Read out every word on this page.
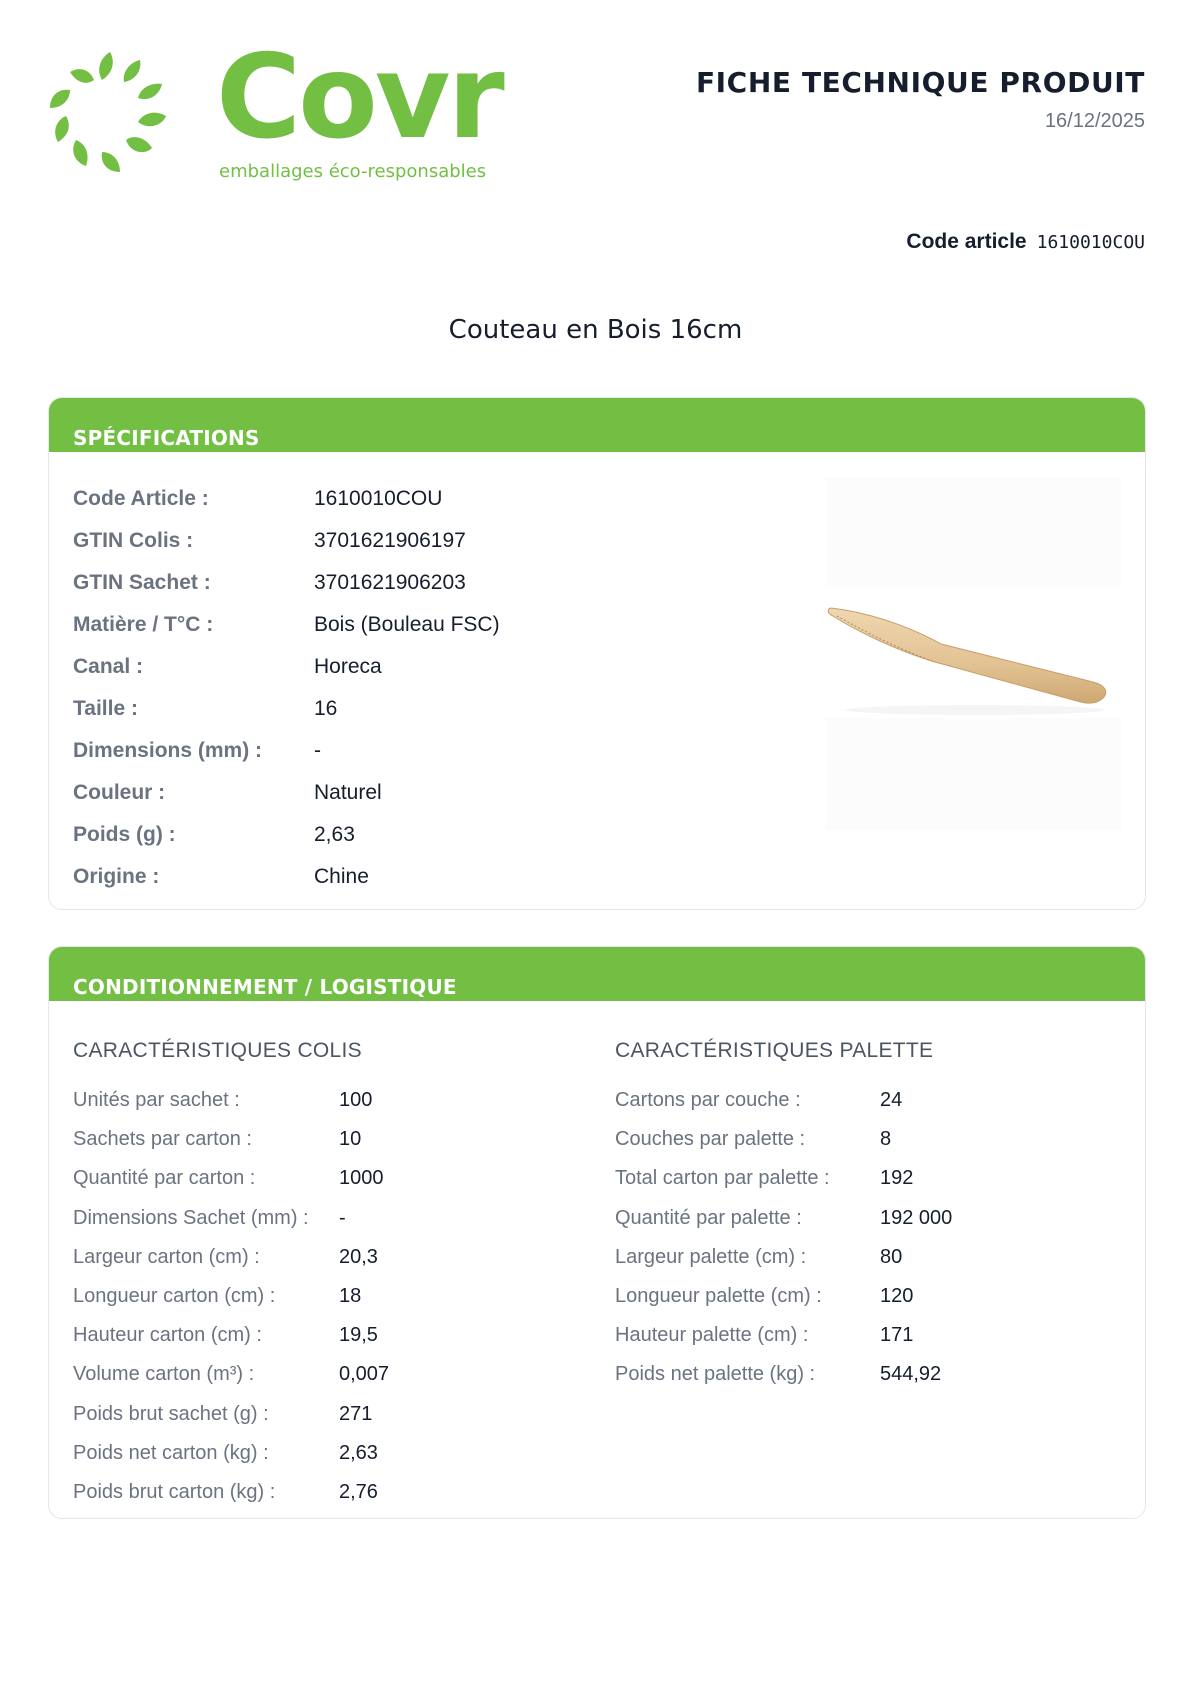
Covr
emballages éco-responsables
FICHE TECHNIQUE PRODUIT
16/12/2025
Code article 1610010COU
Couteau en Bois 16cm
SPÉCIFICATIONS
Code Article :	1610010COU
GTIN Colis :	3701621906197
GTIN Sachet :	3701621906203
Matière / T°C :	Bois (Bouleau FSC)
Canal :	Horeca
Taille :	16
Dimensions (mm) :	-
Couleur :	Naturel
Poids (g) :	2,63
Origine :	Chine
CONDITIONNEMENT / LOGISTIQUE
CARACTÉRISTIQUES COLIS
Unités par sachet :	100
Sachets par carton :	10
Quantité par carton :	1000
Dimensions Sachet (mm) :	-
Largeur carton (cm) :	20,3
Longueur carton (cm) :	18
Hauteur carton (cm) :	19,5
Volume carton (m³) :	0,007
Poids brut sachet (g) :	271
Poids net carton (kg) :	2,63
Poids brut carton (kg) :	2,76
CARACTÉRISTIQUES PALETTE
Cartons par couche :	24
Couches par palette :	8
Total carton par palette :	192
Quantité par palette :	192 000
Largeur palette (cm) :	80
Longueur palette (cm) :	120
Hauteur palette (cm) :	171
Poids net palette (kg) :	544,92
